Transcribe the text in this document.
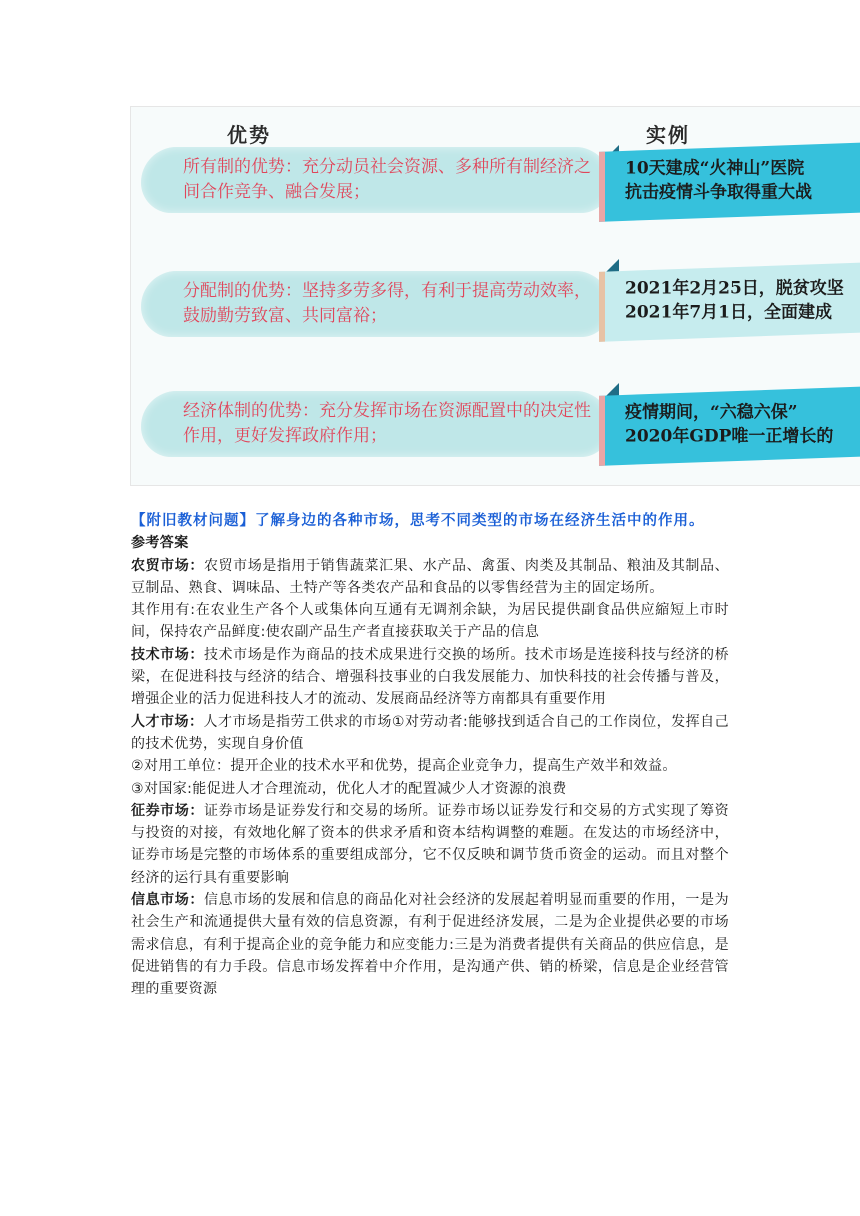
优势	实例
所有制的优势：充分动员社会资源、多种所有制经济之间合作竞争、融合发展；
10天建成“火神山”医院
抗击疫情斗争取得重大战
分配制的优势：坚持多劳多得，有利于提高劳动效率，鼓励勤劳致富、共同富裕；
2021年2月25日，脱贫攻坚
2021年7月1日，全面建成
经济体制的优势：充分发挥市场在资源配置中的决定性作用，更好发挥政府作用；
疫情期间，“六稳六保”
2020年GDP唯一正增长的

【附旧教材问题】了解身边的各种市场，思考不同类型的市场在经济生活中的作用。

参考答案

农贸市场：农贸市场是指用于销售蔬菜汇果、水产品、禽蛋、肉类及其制品、粮油及其制品、豆制品、熟食、调味品、土特产等各类农产品和食品的以零售经营为主的固定场所。

其作用有:在农业生产各个人或集体向互通有无调剂余缺，为居民提供副食品供应縮短上市时间，保持农产品鲜度:使农副产品生产者直接获取关于产品的信息

技术市场：技术市场是作为商品的技术成果进行交换的场所。技术市场是连接科技与经济的桥梁，在促进科技与经济的结合、增强科技事业的白我发展能力、加快科技的社会传播与普及，增强企业的活力促进科技人才的流动、发展商品经济等方南都具有重要作用

人才市场：人才市场是指劳工供求的市场①对劳动者:能够找到适合自己的工作岗位，发挥自己的技术优势，实现自身价值

②对用工单位：提开企业的技术水平和优势，提高企业竞争力，提高生产效半和效益。

③对国家:能促进人才合理流动，优化人才的配置减少人才资源的浪费

征券市场：证券市场是证券发行和交易的场所。证券市场以证券发行和交易的方式实现了筹资与投资的对接，有效地化解了资本的供求矛盾和资本结构调整的难题。在发达的市场经济中，证券市场是完整的市场体系的重要组成部分，它不仅反映和调节货币资金的运动。而且对整个经济的运行具有重要影晌

信息市场：信息市场的发展和信息的商品化对社会经济的发展起着明显而重要的作用，一是为社会生产和流通提供大量有效的信息资源，有利于促进经济发展，二是为企业提供必要的市场需求信息，有利于提高企业的竞争能力和应变能力:三是为消费者提供有关商品的供应信息，是促进销售的有力手段。信息市场发挥着中介作用，是沟通产供、销的桥梁，信息是企业经营管理的重要资源
